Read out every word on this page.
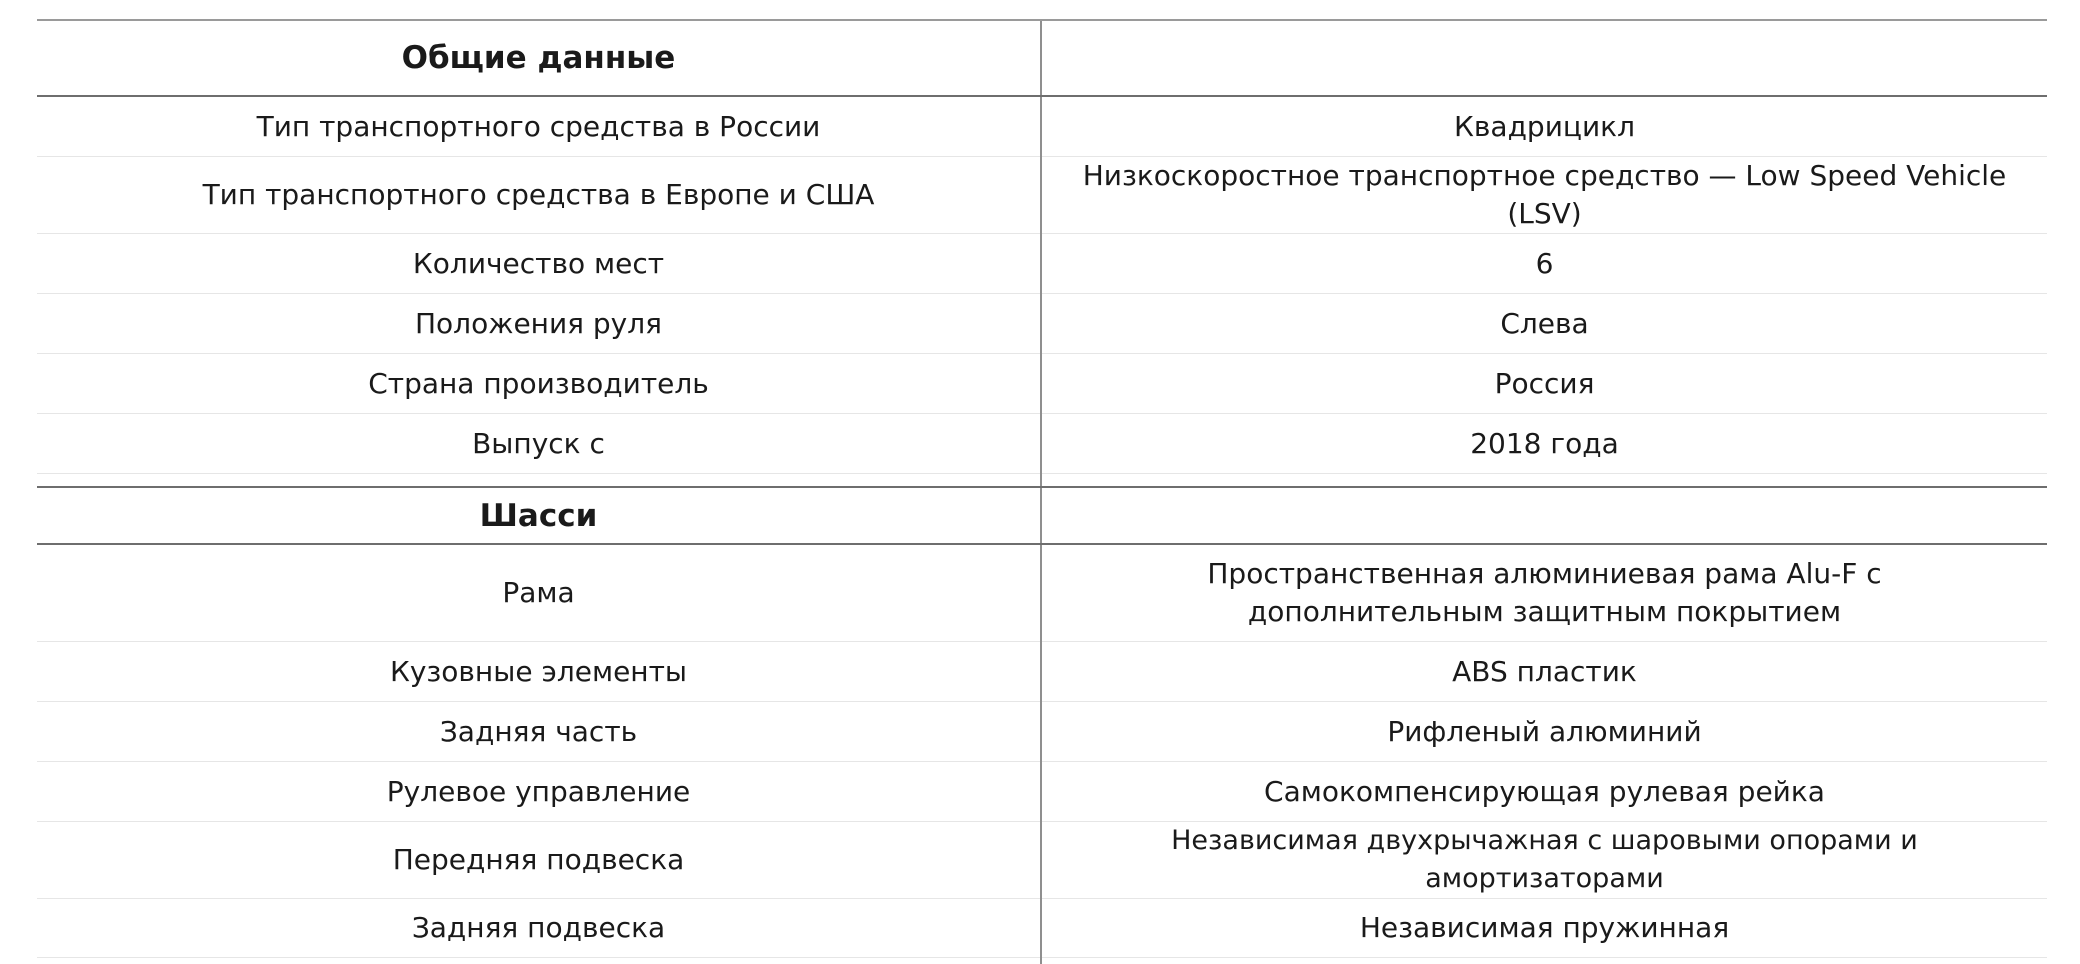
Общие данные	
Тип транспортного средства в России	Квадрицикл
Тип транспортного средства в Европе и США	Низкоскоростное транспортное средство — Low Speed Vehicle (LSV)
Количество мест	6
Положения руля	Слева
Страна производитель	Россия
Выпуск с	2018 года

Шасси	
Рама	Пространственная алюминиевая рама Alu-F с дополнительным защитным покрытием
Кузовные элементы	ABS пластик
Задняя часть	Рифленый алюминий
Рулевое управление	Самокомпенсирующая рулевая рейка
Передняя подвеска	Независимая двухрычажная с шаровыми опорами и амортизаторами
Задняя подвеска	Независимая пружинная
